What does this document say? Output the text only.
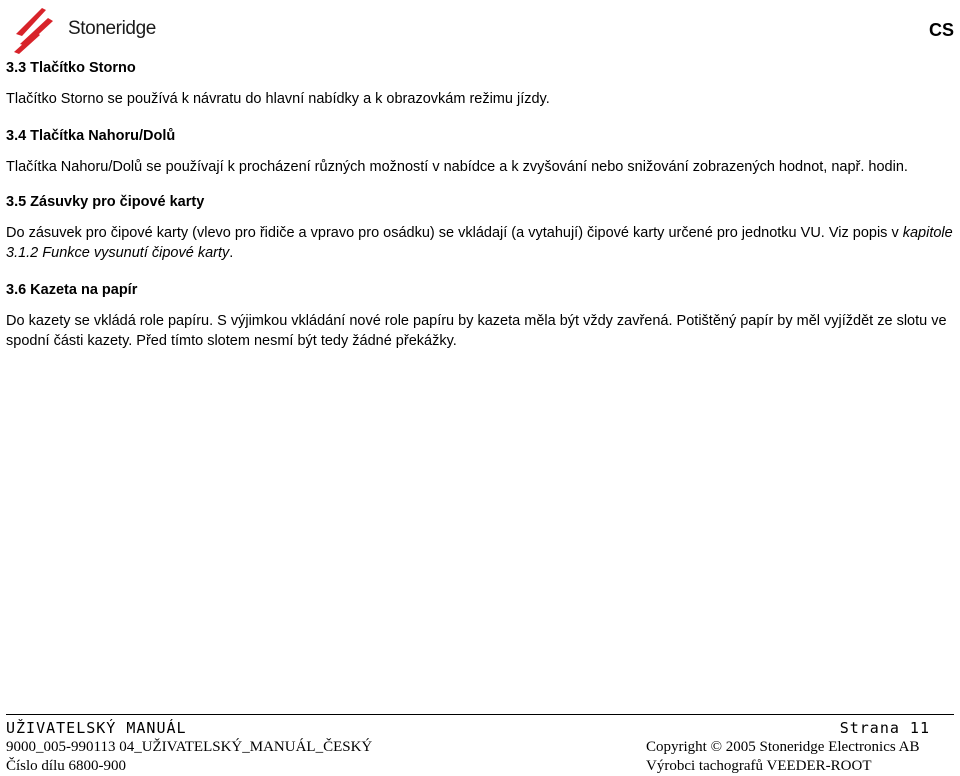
Stoneridge	CS
3.3 Tlačítko Storno

Tlačítko Storno se používá k návratu do hlavní nabídky a k obrazovkám režimu jízdy.

3.4 Tlačítka Nahoru/Dolů

Tlačítka Nahoru/Dolů se používají k procházení různých možností v nabídce a k zvyšování nebo snižování zobrazených hodnot, např. hodin.

3.5 Zásuvky pro čipové karty

Do zásuvek pro čipové karty (vlevo pro řidiče a vpravo pro osádku) se vkládají (a vytahují) čipové karty určené pro jednotku VU. Viz popis v kapitole 3.1.2 Funkce vysunutí čipové karty.

3.6 Kazeta na papír

Do kazety se vkládá role papíru. S výjimkou vkládání nové role papíru by kazeta měla být vždy zavřená. Potištěný papír by měl vyjíždět ze slotu ve spodní části kazety. Před tímto slotem nesmí být tedy žádné překážky.

UŽIVATELSKÝ MANUÁL	Strana 11
9000_005-990113 04_UŽIVATELSKÝ_MANUÁL_ČESKÝ
Číslo dílu 6800-900
Copyright © 2005 Stoneridge Electronics AB
Výrobci tachografů VEEDER-ROOT
